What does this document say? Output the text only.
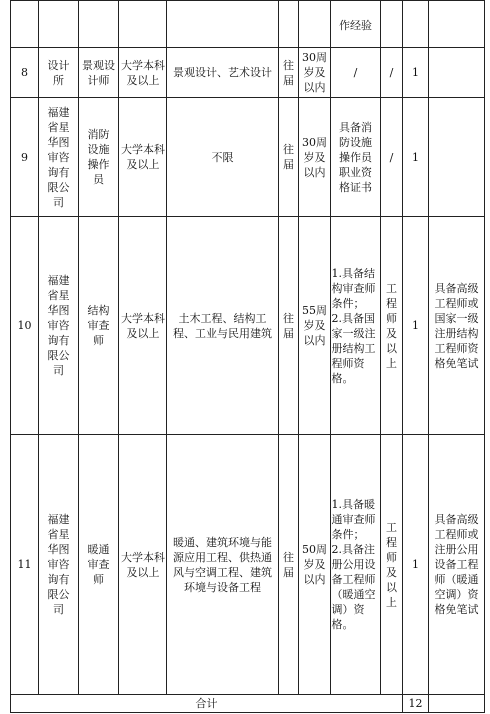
							作经验			

8	设计所	景观设计师	大学本科及以上	景观设计、艺术设计	往届	30周岁及以内	/	/	1	
9	福建省星华图审咨询有限公司	消防设施操作员	大学本科及以上	不限	往届	30周岁及以内	具备消防设施操作员职业资格证书	/	1	
10	福建省星华图审咨询有限公司	结构审查师	大学本科及以上	土木工程、结构工程、工业与民用建筑	往届	55周岁及以内	1.具备结构审查师条件；
2.具备国家一级注册结构工程师资格。	工程师及以上	1	具备高级工程师或国家一级注册结构工程师资格免笔试

11	福建省星华图审咨询有限公司	暖通审查师	大学本科及以上	暖通、建筑环境与能源应用工程、供热通风与空调工程、建筑环境与设备工程	往届	50周岁及以内	1.具备暖通审查师条件；
2.具备注册公用设备工程师（暖通空调）资格。	工程师及以上	1	具备高级工程师或注册公用设备工程师（暖通空调）资格免笔试

合计									12	
